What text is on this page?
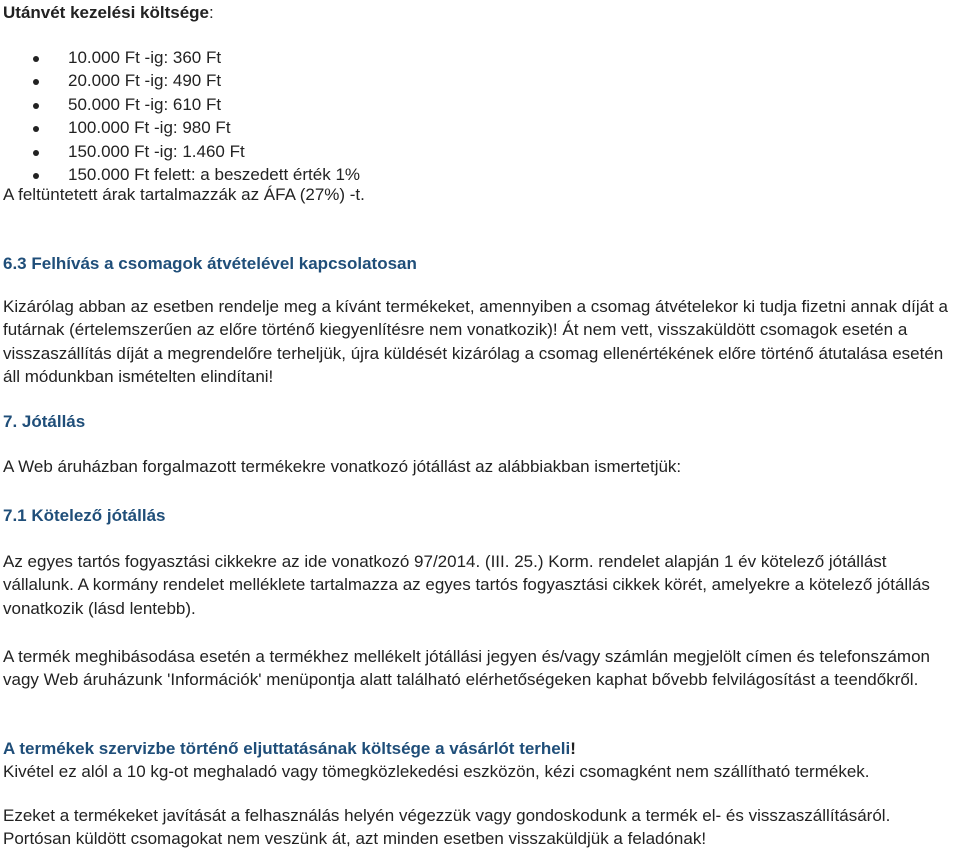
Utánvét kezelési költsége:
10.000 Ft -ig: 360 Ft
20.000 Ft -ig: 490 Ft
50.000 Ft -ig: 610 Ft
100.000 Ft -ig: 980 Ft
150.000 Ft -ig: 1.460 Ft
150.000 Ft felett: a beszedett érték 1%
A feltüntetett árak tartalmazzák az ÁFA (27%) -t.
6.3 Felhívás a csomagok átvételével kapcsolatosan
Kizárólag abban az esetben rendelje meg a kívánt termékeket, amennyiben a csomag átvételekor ki tudja fizetni annak díját a futárnak (értelemszerűen az előre történő kiegyenlítésre nem vonatkozik)! Át nem vett, visszaküldött csomagok esetén a visszaszállítás díját a megrendelőre terheljük, újra küldését kizárólag a csomag ellenértékének előre történő átutalása esetén áll módunkban ismételten elindítani!
7. Jótállás
A Web áruházban forgalmazott termékekre vonatkozó jótállást az alábbiakban ismertetjük:
7.1 Kötelező jótállás
Az egyes tartós fogyasztási cikkekre az ide vonatkozó 97/2014. (III. 25.) Korm. rendelet alapján 1 év kötelező jótállást vállalunk. A kormány rendelet melléklete tartalmazza az egyes tartós fogyasztási cikkek körét, amelyekre a kötelező jótállás vonatkozik (lásd lentebb).
A termék meghibásodása esetén a termékhez mellékelt jótállási jegyen és/vagy számlán megjelölt címen és telefonszámon vagy Web áruházunk 'Információk' menüpontja alatt található elérhetőségeken kaphat bővebb felvilágosítást a teendőkről.
A termékek szervizbe történő eljuttatásának költsége a vásárlót terheli!
Kivétel ez alól a 10 kg-ot meghaladó vagy tömegközlekedési eszközön, kézi csomagként nem szállítható termékek.
Ezeket a termékeket javítását a felhasználás helyén végezzük vagy gondoskodunk a termék el- és visszaszállításáról. Portósan küldött csomagokat nem veszünk át, azt minden esetben visszaküldjük a feladónak!
